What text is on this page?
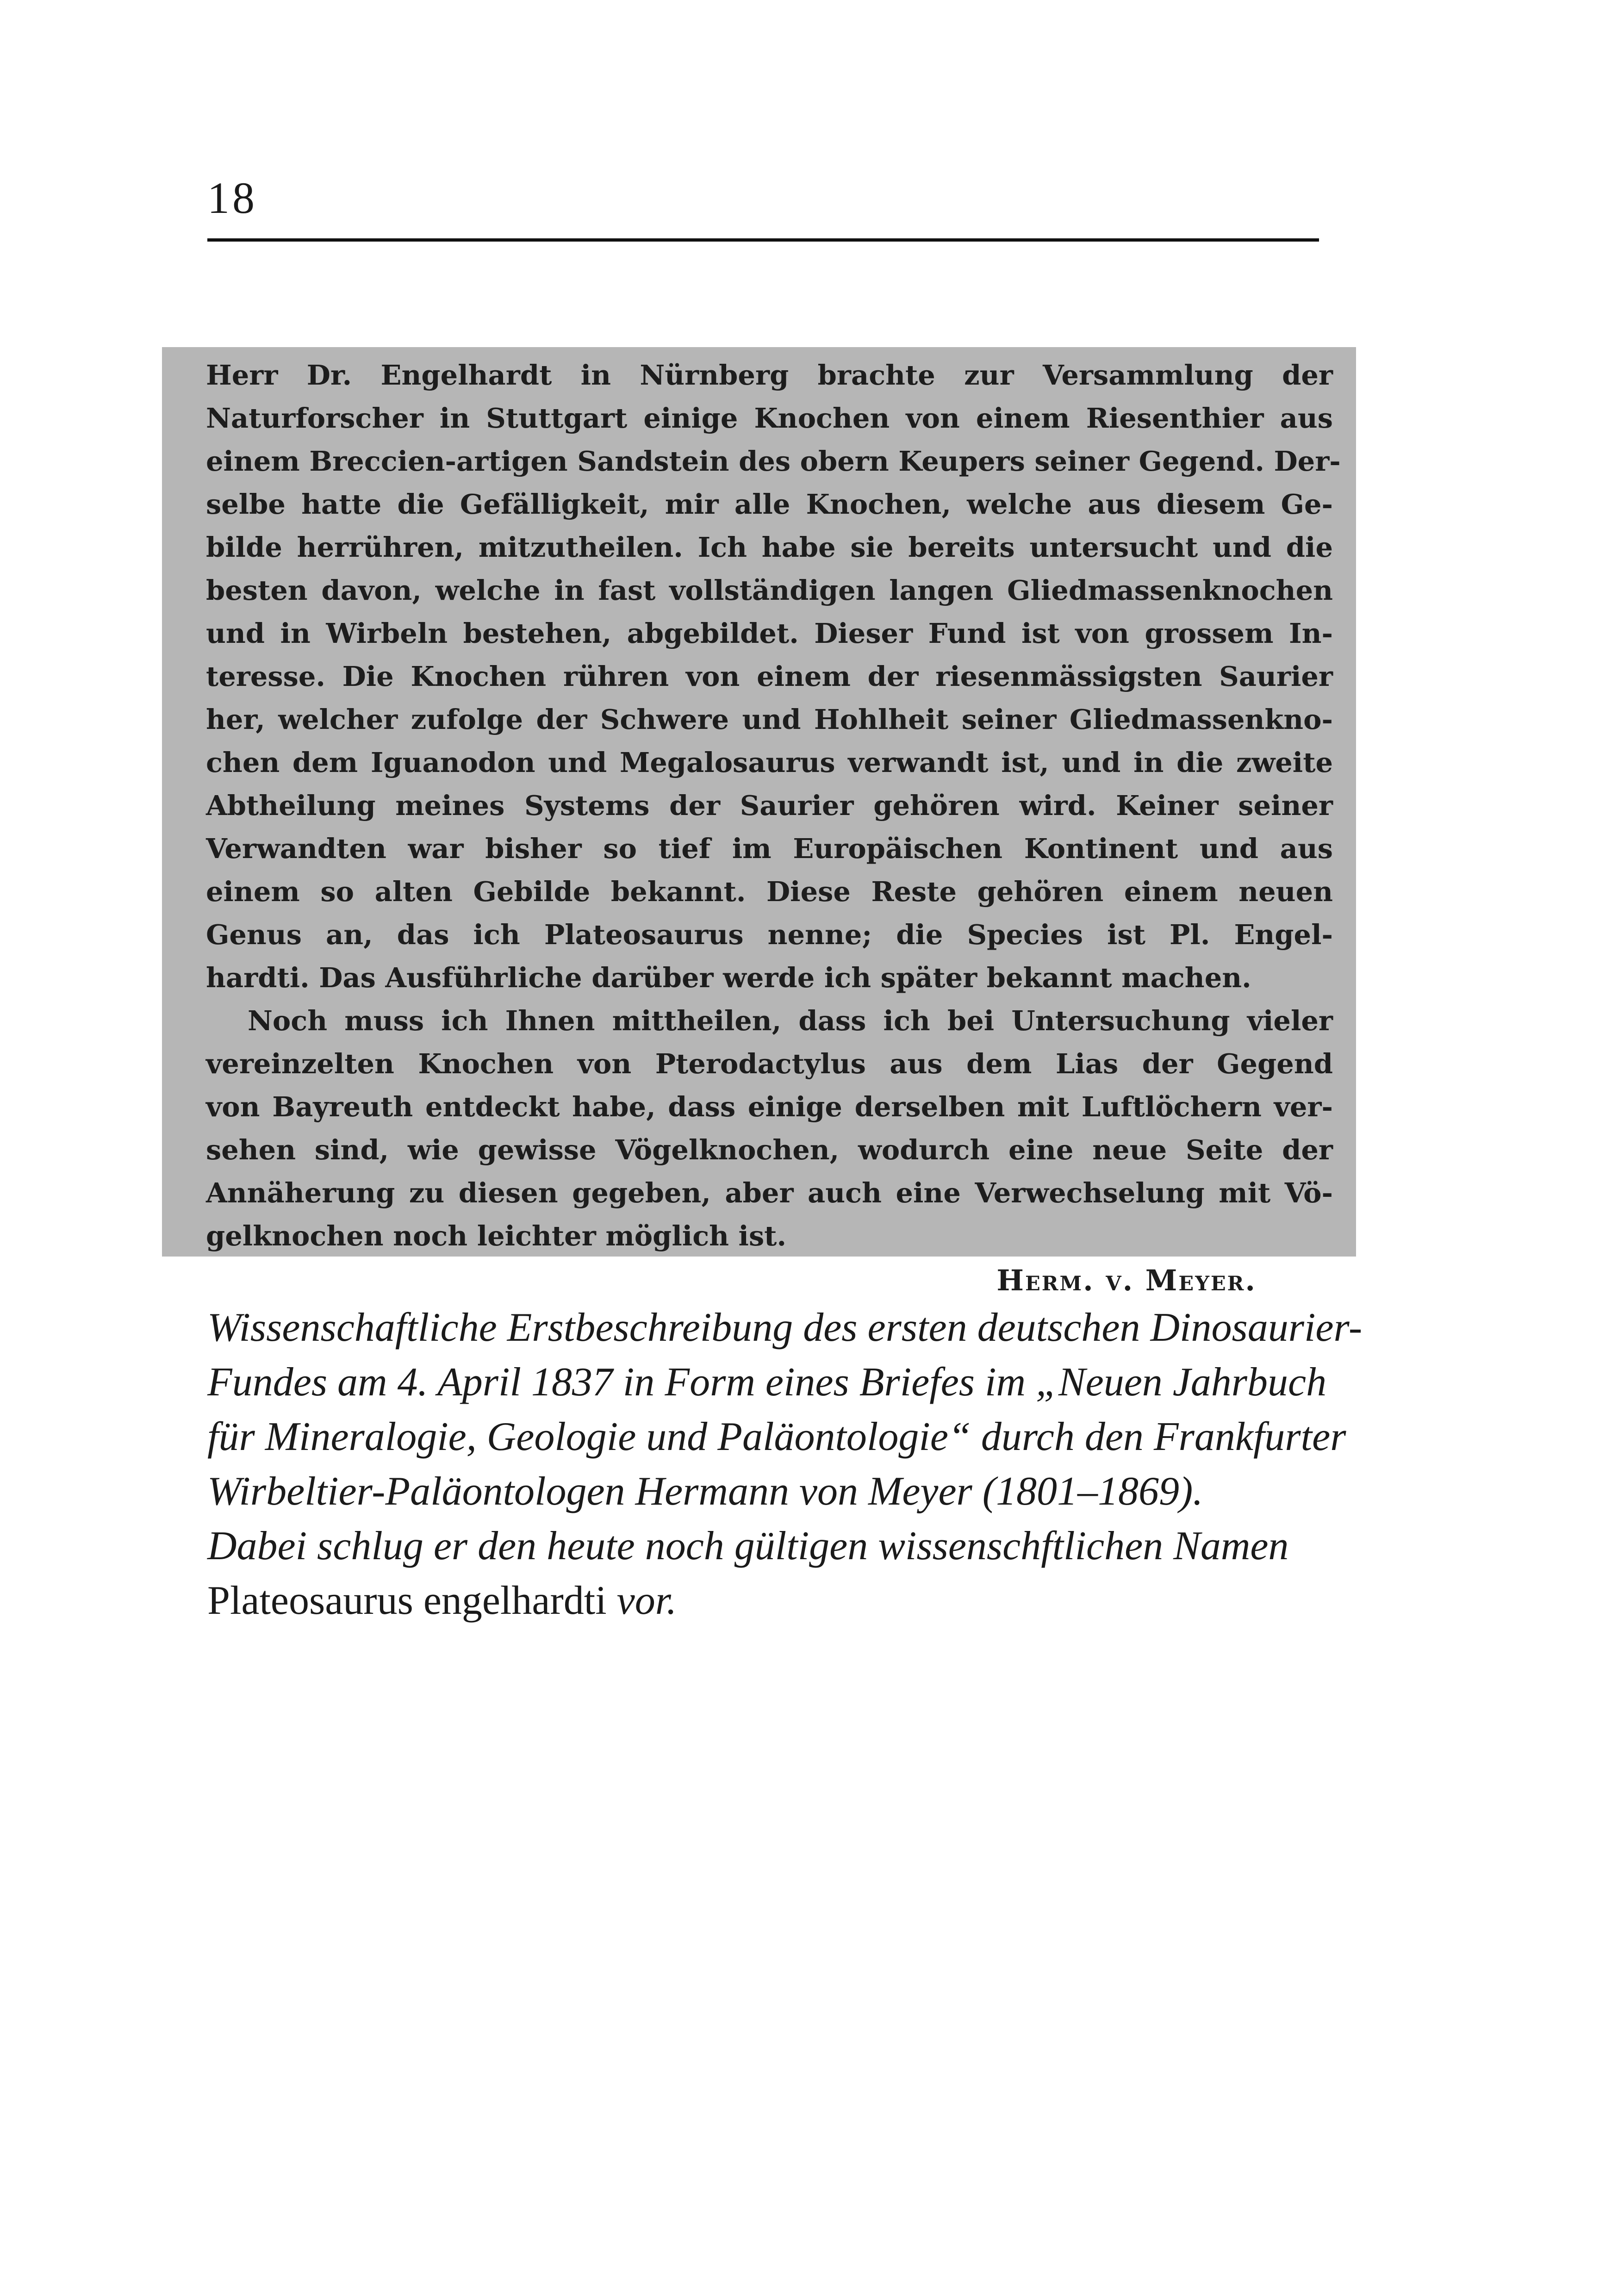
18
Herr Dr. Engelhardt in Nürnberg brachte zur Versammlung der
Naturforscher in Stuttgart einige Knochen von einem Riesenthier aus
einem Breccien-artigen Sandstein des obern Keupers seiner Gegend. Der-
selbe hatte die Gefälligkeit, mir alle Knochen, welche aus diesem Ge-
bilde herrühren, mitzutheilen. Ich habe sie bereits untersucht und die
besten davon, welche in fast vollständigen langen Gliedmassenknochen
und in Wirbeln bestehen, abgebildet. Dieser Fund ist von grossem In-
teresse. Die Knochen rühren von einem der riesenmässigsten Saurier
her, welcher zufolge der Schwere und Hohlheit seiner Gliedmassenkno-
chen dem Iguanodon und Megalosaurus verwandt ist, und in die zweite
Abtheilung meines Systems der Saurier gehören wird. Keiner seiner
Verwandten war bisher so tief im Europäischen Kontinent und aus
einem so alten Gebilde bekannt. Diese Reste gehören einem neuen
Genus an, das ich Plateosaurus nenne; die Species ist Pl. Engel-
hardti. Das Ausführliche darüber werde ich später bekannt machen.
Noch muss ich Ihnen mittheilen, dass ich bei Untersuchung vieler
vereinzelten Knochen von Pterodactylus aus dem Lias der Gegend
von Bayreuth entdeckt habe, dass einige derselben mit Luftlöchern ver-
sehen sind, wie gewisse Vögelknochen, wodurch eine neue Seite der
Annäherung zu diesen gegeben, aber auch eine Verwechselung mit Vö-
gelknochen noch leichter möglich ist.
Herm. v. Meyer.
Wissenschaftliche Erstbeschreibung des ersten deutschen Dinosaurier-
Fundes am 4. April 1837 in Form eines Briefes im „Neuen Jahrbuch
für Mineralogie, Geologie und Paläontologie“ durch den Frankfurter
Wirbeltier-Paläontologen Hermann von Meyer (1801–1869).
Dabei schlug er den heute noch gültigen wissenschftlichen Namen
Plateosaurus engelhardti vor.
